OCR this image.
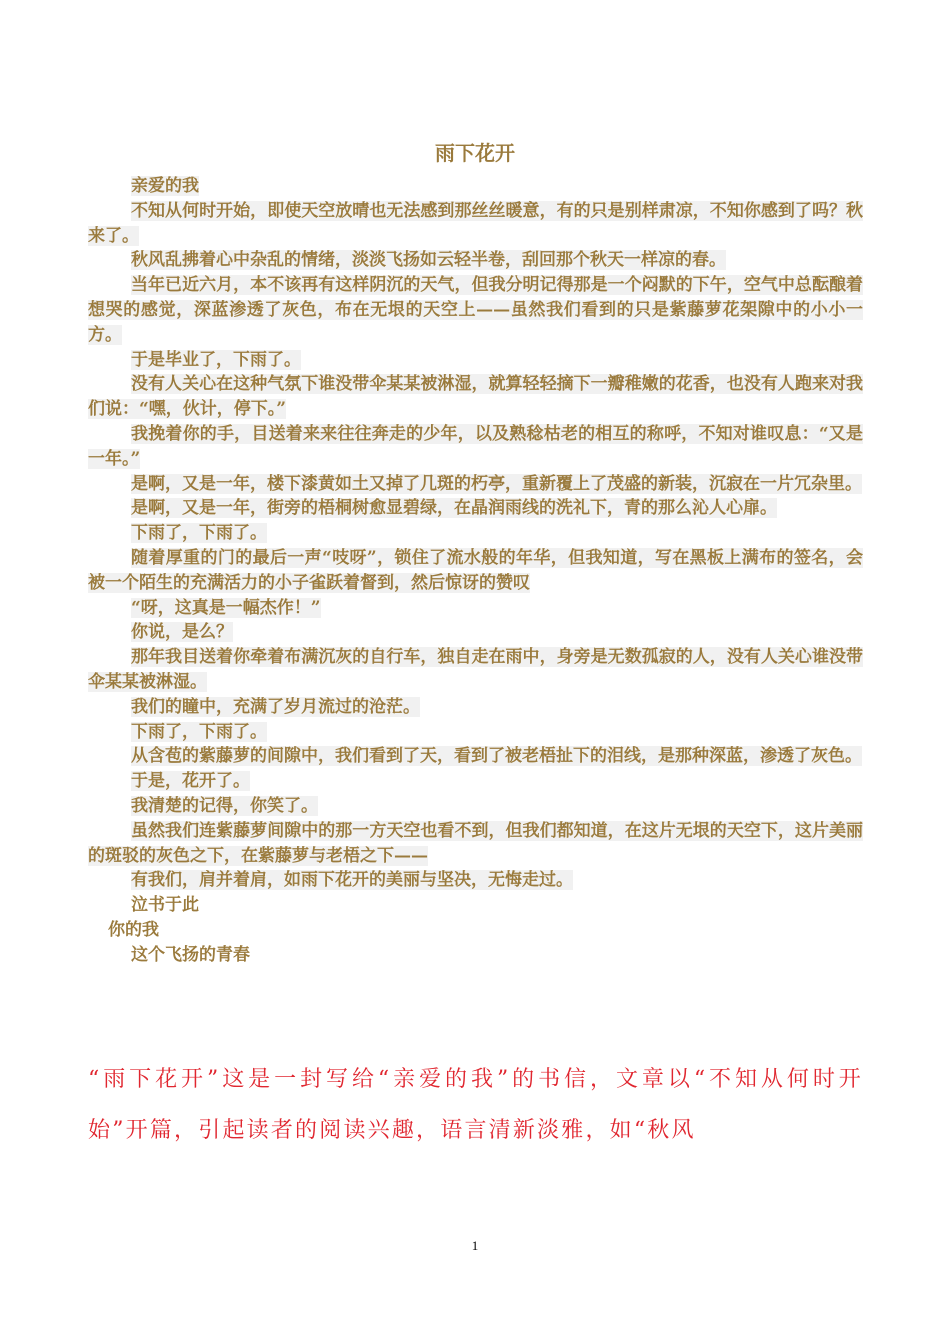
雨下花开

亲爱的我

不知从何时开始，即使天空放晴也无法感到那丝丝暖意，有的只是别样肃凉，不知你感到了吗？秋来了。

秋风乱拂着心中杂乱的情绪，淡淡飞扬如云轻半卷，刮回那个秋天一样凉的春。

当年已近六月，本不该再有这样阴沉的天气，但我分明记得那是一个闷默的下午，空气中总酝酿着想哭的感觉，深蓝渗透了灰色，布在无垠的天空上——虽然我们看到的只是紫藤萝花架隙中的小小一方。

于是毕业了，下雨了。

没有人关心在这种气氛下谁没带伞某某被淋湿，就算轻轻摘下一瓣稚嫩的花香，也没有人跑来对我们说：“嘿，伙计，停下。”

我挽着你的手，目送着来来往往奔走的少年，以及熟稔枯老的相互的称呼，不知对谁叹息：“又是一年。”

是啊，又是一年，楼下漆黄如土又掉了几斑的朽亭，重新覆上了茂盛的新装，沉寂在一片冗杂里。

是啊，又是一年，街旁的梧桐树愈显碧绿，在晶润雨线的洗礼下，青的那么沁人心扉。

下雨了，下雨了。

随着厚重的门的最后一声“吱呀”，锁住了流水般的年华，但我知道，写在黑板上满布的签名，会被一个陌生的充满活力的小子雀跃着督到，然后惊讶的赞叹

“呀，这真是一幅杰作！”

你说，是么？

那年我目送着你牵着布满沉灰的自行车，独自走在雨中，身旁是无数孤寂的人，没有人关心谁没带伞某某被淋湿。

我们的瞳中，充满了岁月流过的沧茫。

下雨了，下雨了。

从含苞的紫藤萝的间隙中，我们看到了天，看到了被老梧扯下的泪线，是那种深蓝，渗透了灰色。

于是，花开了。

我清楚的记得，你笑了。

虽然我们连紫藤萝间隙中的那一方天空也看不到，但我们都知道，在这片无垠的天空下，这片美丽的斑驳的灰色之下，在紫藤萝与老梧之下——

有我们，肩并着肩，如雨下花开的美丽与坚决，无悔走过。

泣书于此

你的我

这个飞扬的青春

“雨下花开”这是一封写给“亲爱的我”的书信，文章以“不知从何时开始”开篇，引起读者的阅读兴趣，语言清新淡雅，如“秋风
1
